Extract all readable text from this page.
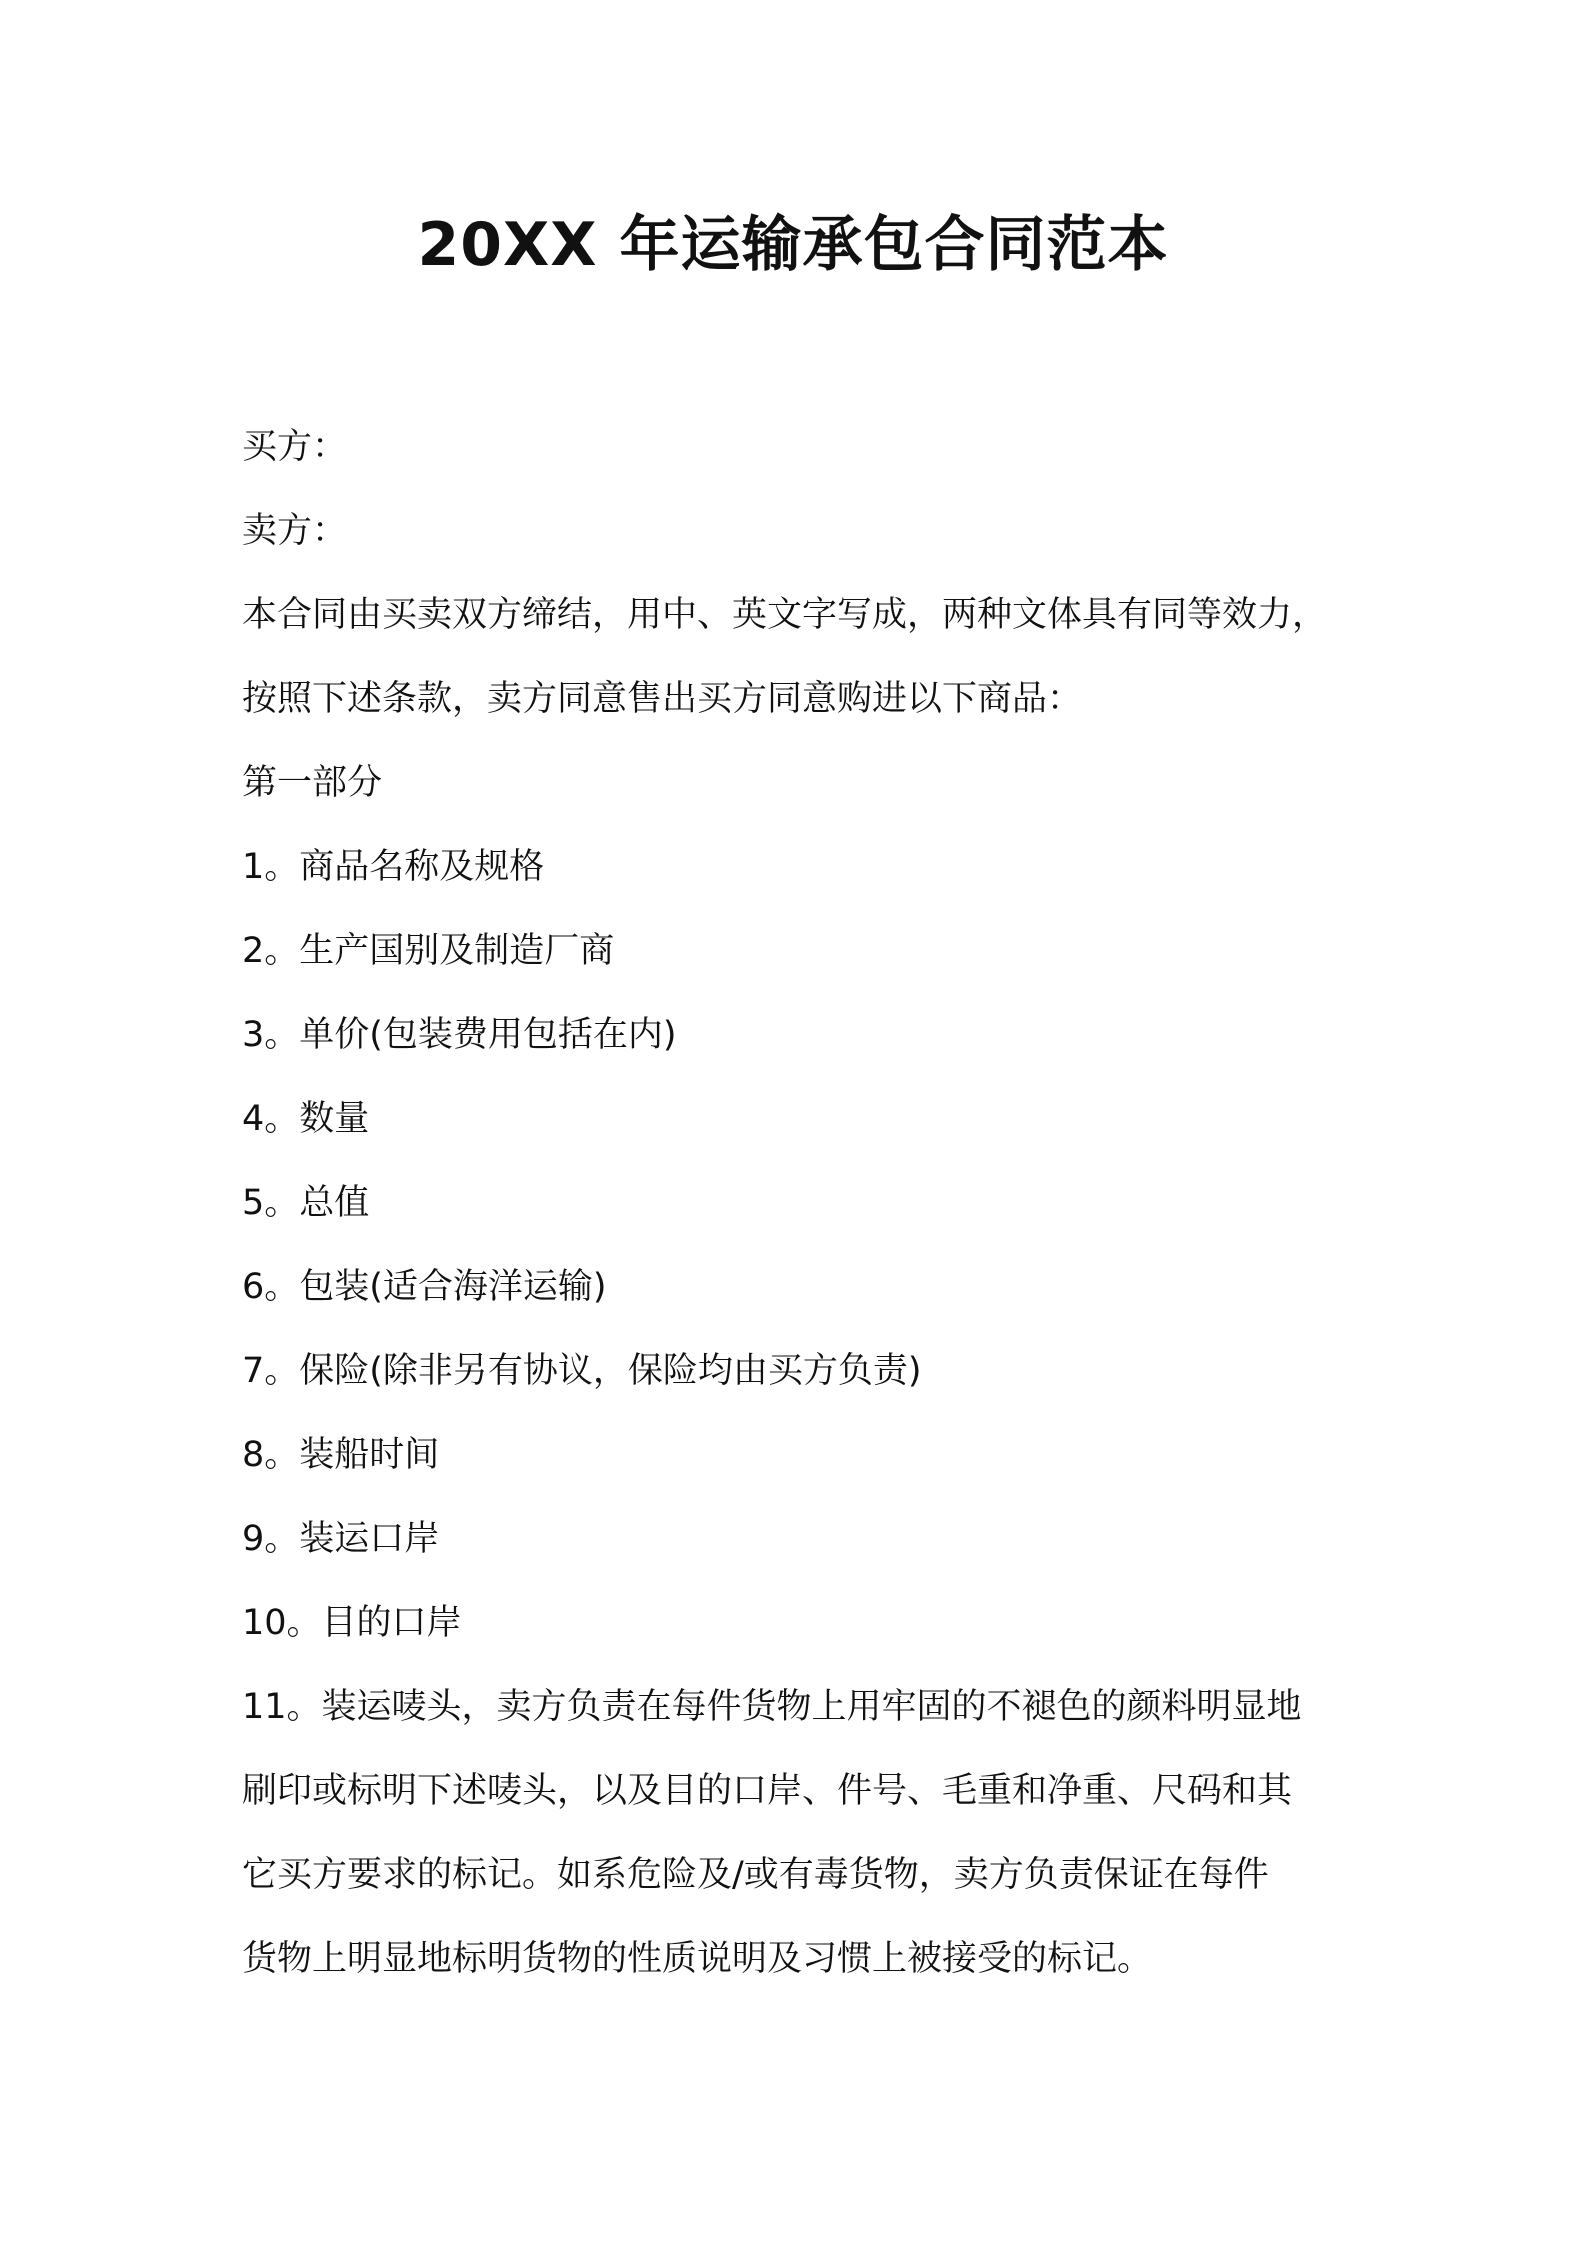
20XX 年运输承包合同范本
买方：
卖方：
本合同由买卖双方缔结，用中、英文字写成，两种文体具有同等效力，
按照下述条款，卖方同意售出买方同意购进以下商品：
第一部分
1。商品名称及规格
2。生产国别及制造厂商
3。单价(包装费用包括在内)
4。数量
5。总值
6。包装(适合海洋运输)
7。保险(除非另有协议，保险均由买方负责)
8。装船时间
9。装运口岸
10。目的口岸
11。装运唛头，卖方负责在每件货物上用牢固的不褪色的颜料明显地
刷印或标明下述唛头，以及目的口岸、件号、毛重和净重、尺码和其
它买方要求的标记。如系危险及/或有毒货物，卖方负责保证在每件
货物上明显地标明货物的性质说明及习惯上被接受的标记。
